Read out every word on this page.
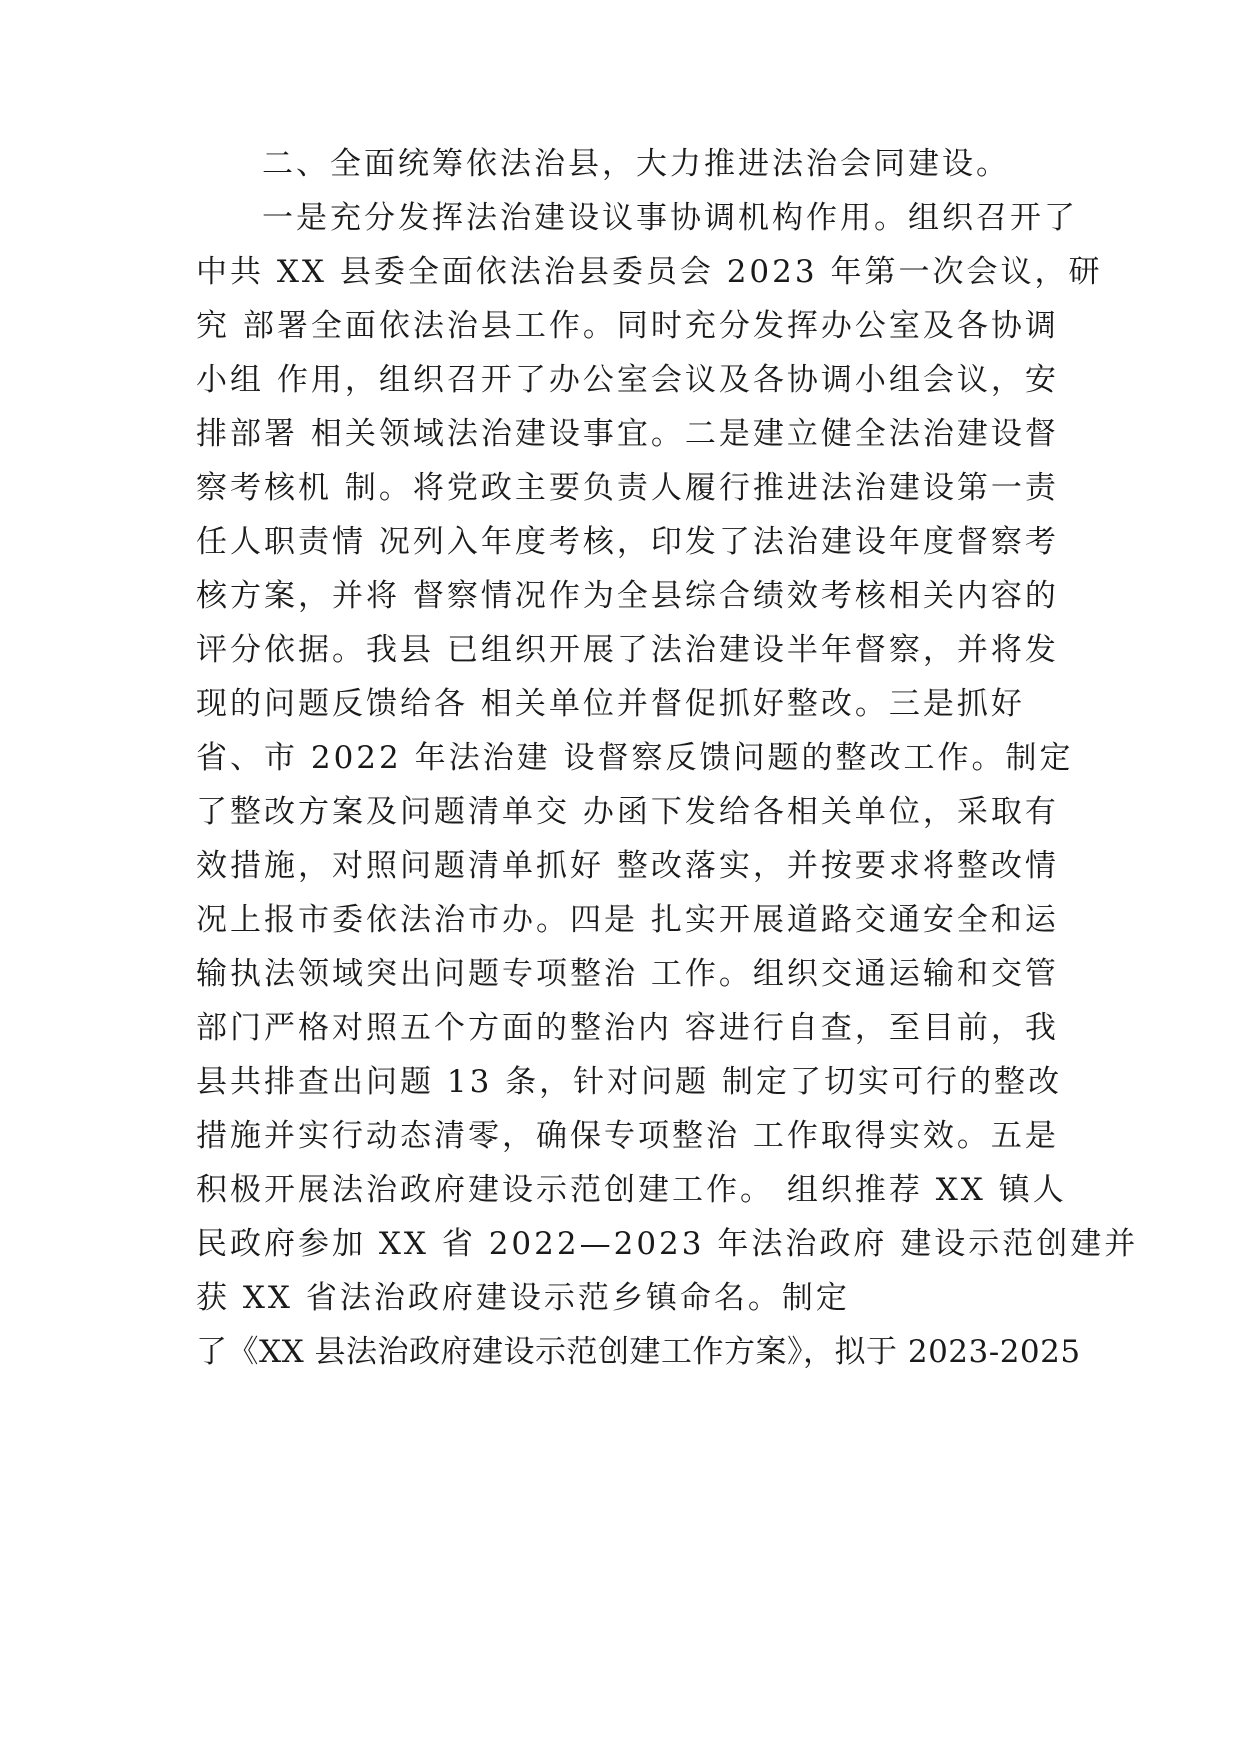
二、全面统筹依法治县，大力推进法治会同建设。
一是充分发挥法治建设议事协调机构作用。组织召开了
中共 XX 县委全面依法治县委员会 2023 年第一次会议，研
究 部署全面依法治县工作。同时充分发挥办公室及各协调
小组 作用，组织召开了办公室会议及各协调小组会议，安
排部署 相关领域法治建设事宜。二是建立健全法治建设督
察考核机 制。将党政主要负责人履行推进法治建设第一责
任人职责情 况列入年度考核，印发了法治建设年度督察考
核方案，并将 督察情况作为全县综合绩效考核相关内容的
评分依据。我县 已组织开展了法治建设半年督察，并将发
现的问题反馈给各 相关单位并督促抓好整改。三是抓好
省、市 2022 年法治建 设督察反馈问题的整改工作。制定
了整改方案及问题清单交 办函下发给各相关单位，采取有
效措施，对照问题清单抓好 整改落实，并按要求将整改情
况上报市委依法治市办。四是 扎实开展道路交通安全和运
输执法领域突出问题专项整治 工作。组织交通运输和交管
部门严格对照五个方面的整治内 容进行自查，至目前，我
县共排查出问题 13 条，针对问题 制定了切实可行的整改
措施并实行动态清零，确保专项整治 工作取得实效。五是
积极开展法治政府建设示范创建工作。 组织推荐 XX 镇人
民政府参加 XX 省 2022—2023 年法治政府 建设示范创建并
获 XX 省法治政府建设示范乡镇命名。制定
了《XX 县法治政府建设示范创建工作方案》，拟于 2023-2025
